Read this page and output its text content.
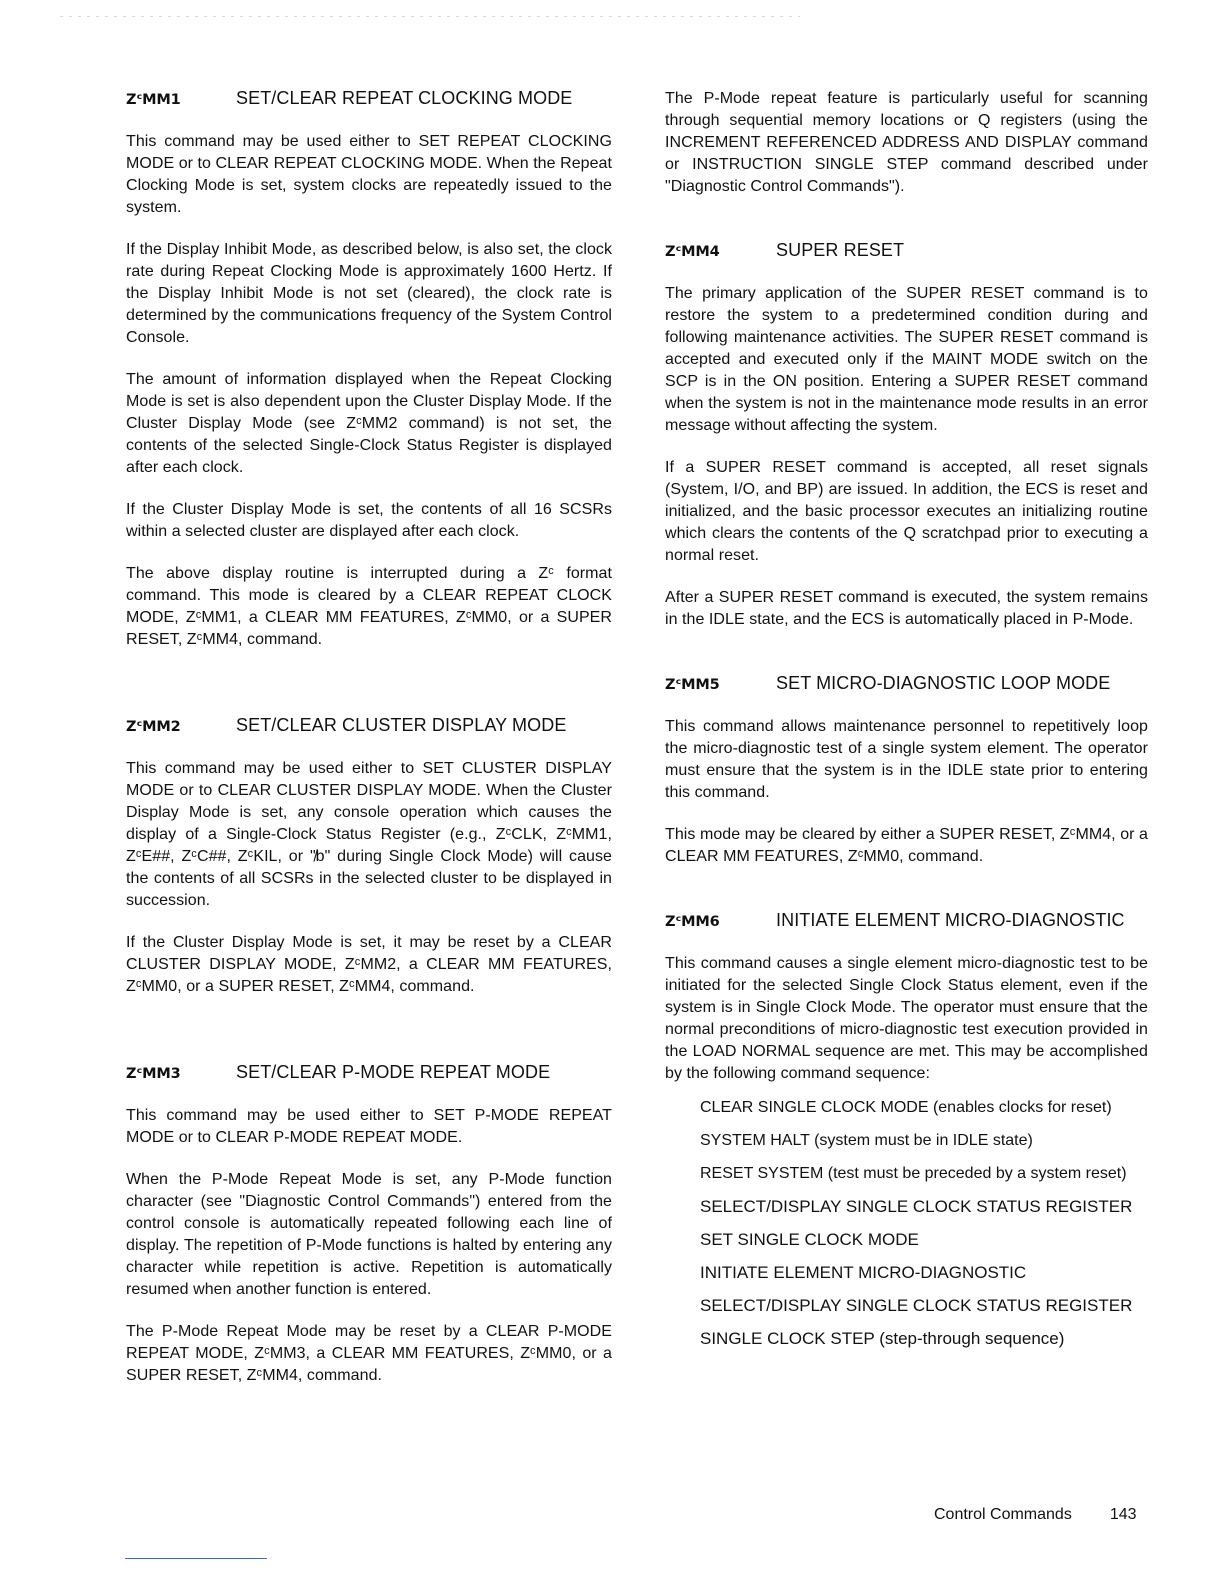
ZᶜMM1	SET/CLEAR REPEAT CLOCKING MODE

This command may be used either to SET REPEAT CLOCKING MODE or to CLEAR REPEAT CLOCKING MODE. When the Repeat Clocking Mode is set, system clocks are repeatedly issued to the system.

If the Display Inhibit Mode, as described below, is also set, the clock rate during Repeat Clocking Mode is approximately 1600 Hertz. If the Display Inhibit Mode is not set (cleared), the clock rate is determined by the communications frequency of the System Control Console.

The amount of information displayed when the Repeat Clocking Mode is set is also dependent upon the Cluster Display Mode. If the Cluster Display Mode (see ZᶜMM2 command) is not set, the contents of the selected Single-Clock Status Register is displayed after each clock.

If the Cluster Display Mode is set, the contents of all 16 SCSRs within a selected cluster are displayed after each clock.

The above display routine is interrupted during a Zᶜ format command. This mode is cleared by a CLEAR REPEAT CLOCK MODE, ZᶜMM1, a CLEAR MM FEATURES, ZᶜMM0, or a SUPER RESET, ZᶜMM4, command.

ZᶜMM2	SET/CLEAR CLUSTER DISPLAY MODE

This command may be used either to SET CLUSTER DISPLAY MODE or to CLEAR CLUSTER DISPLAY MODE. When the Cluster Display Mode is set, any console operation which causes the display of a Single-Clock Status Register (e.g., ZᶜCLK, ZᶜMM1, ZᶜE##, ZᶜC##, ZᶜKIL, or "̸b" during Single Clock Mode) will cause the contents of all SCSRs in the selected cluster to be displayed in succession.

If the Cluster Display Mode is set, it may be reset by a CLEAR CLUSTER DISPLAY MODE, ZᶜMM2, a CLEAR MM FEATURES, ZᶜMM0, or a SUPER RESET, ZᶜMM4, command.

ZᶜMM3	SET/CLEAR P-MODE REPEAT MODE

This command may be used either to SET P-MODE REPEAT MODE or to CLEAR P-MODE REPEAT MODE.

When the P-Mode Repeat Mode is set, any P-Mode function character (see "Diagnostic Control Commands") entered from the control console is automatically repeated following each line of display. The repetition of P-Mode functions is halted by entering any character while repetition is active. Repetition is automatically resumed when another function is entered.

The P-Mode Repeat Mode may be reset by a CLEAR P-MODE REPEAT MODE, ZᶜMM3, a CLEAR MM FEATURES, ZᶜMM0, or a SUPER RESET, ZᶜMM4, command.

The P-Mode repeat feature is particularly useful for scanning through sequential memory locations or Q registers (using the INCREMENT REFERENCED ADDRESS AND DISPLAY command or INSTRUCTION SINGLE STEP command described under "Diagnostic Control Commands").

ZᶜMM4	SUPER RESET

The primary application of the SUPER RESET command is to restore the system to a predetermined condition during and following maintenance activities. The SUPER RESET command is accepted and executed only if the MAINT MODE switch on the SCP is in the ON position. Entering a SUPER RESET command when the system is not in the maintenance mode results in an error message without affecting the system.

If a SUPER RESET command is accepted, all reset signals (System, I/O, and BP) are issued. In addition, the ECS is reset and initialized, and the basic processor executes an initializing routine which clears the contents of the Q scratchpad prior to executing a normal reset.

After a SUPER RESET command is executed, the system remains in the IDLE state, and the ECS is automatically placed in P-Mode.

ZᶜMM5	SET MICRO-DIAGNOSTIC LOOP MODE

This command allows maintenance personnel to repetitively loop the micro-diagnostic test of a single system element. The operator must ensure that the system is in the IDLE state prior to entering this command.

This mode may be cleared by either a SUPER RESET, ZᶜMM4, or a CLEAR MM FEATURES, ZᶜMM0, command.

ZᶜMM6	INITIATE ELEMENT MICRO-DIAGNOSTIC

This command causes a single element micro-diagnostic test to be initiated for the selected Single Clock Status element, even if the system is in Single Clock Mode. The operator must ensure that the normal preconditions of micro-diagnostic test execution provided in the LOAD NORMAL sequence are met. This may be accomplished by the following command sequence:

CLEAR SINGLE CLOCK MODE (enables clocks for reset)
SYSTEM HALT (system must be in IDLE state)
RESET SYSTEM (test must be preceded by a system reset)
SELECT/DISPLAY SINGLE CLOCK STATUS REGISTER
SET SINGLE CLOCK MODE
INITIATE ELEMENT MICRO-DIAGNOSTIC
SELECT/DISPLAY SINGLE CLOCK STATUS REGISTER
SINGLE CLOCK STEP (step-through sequence)
Control Commands 143
